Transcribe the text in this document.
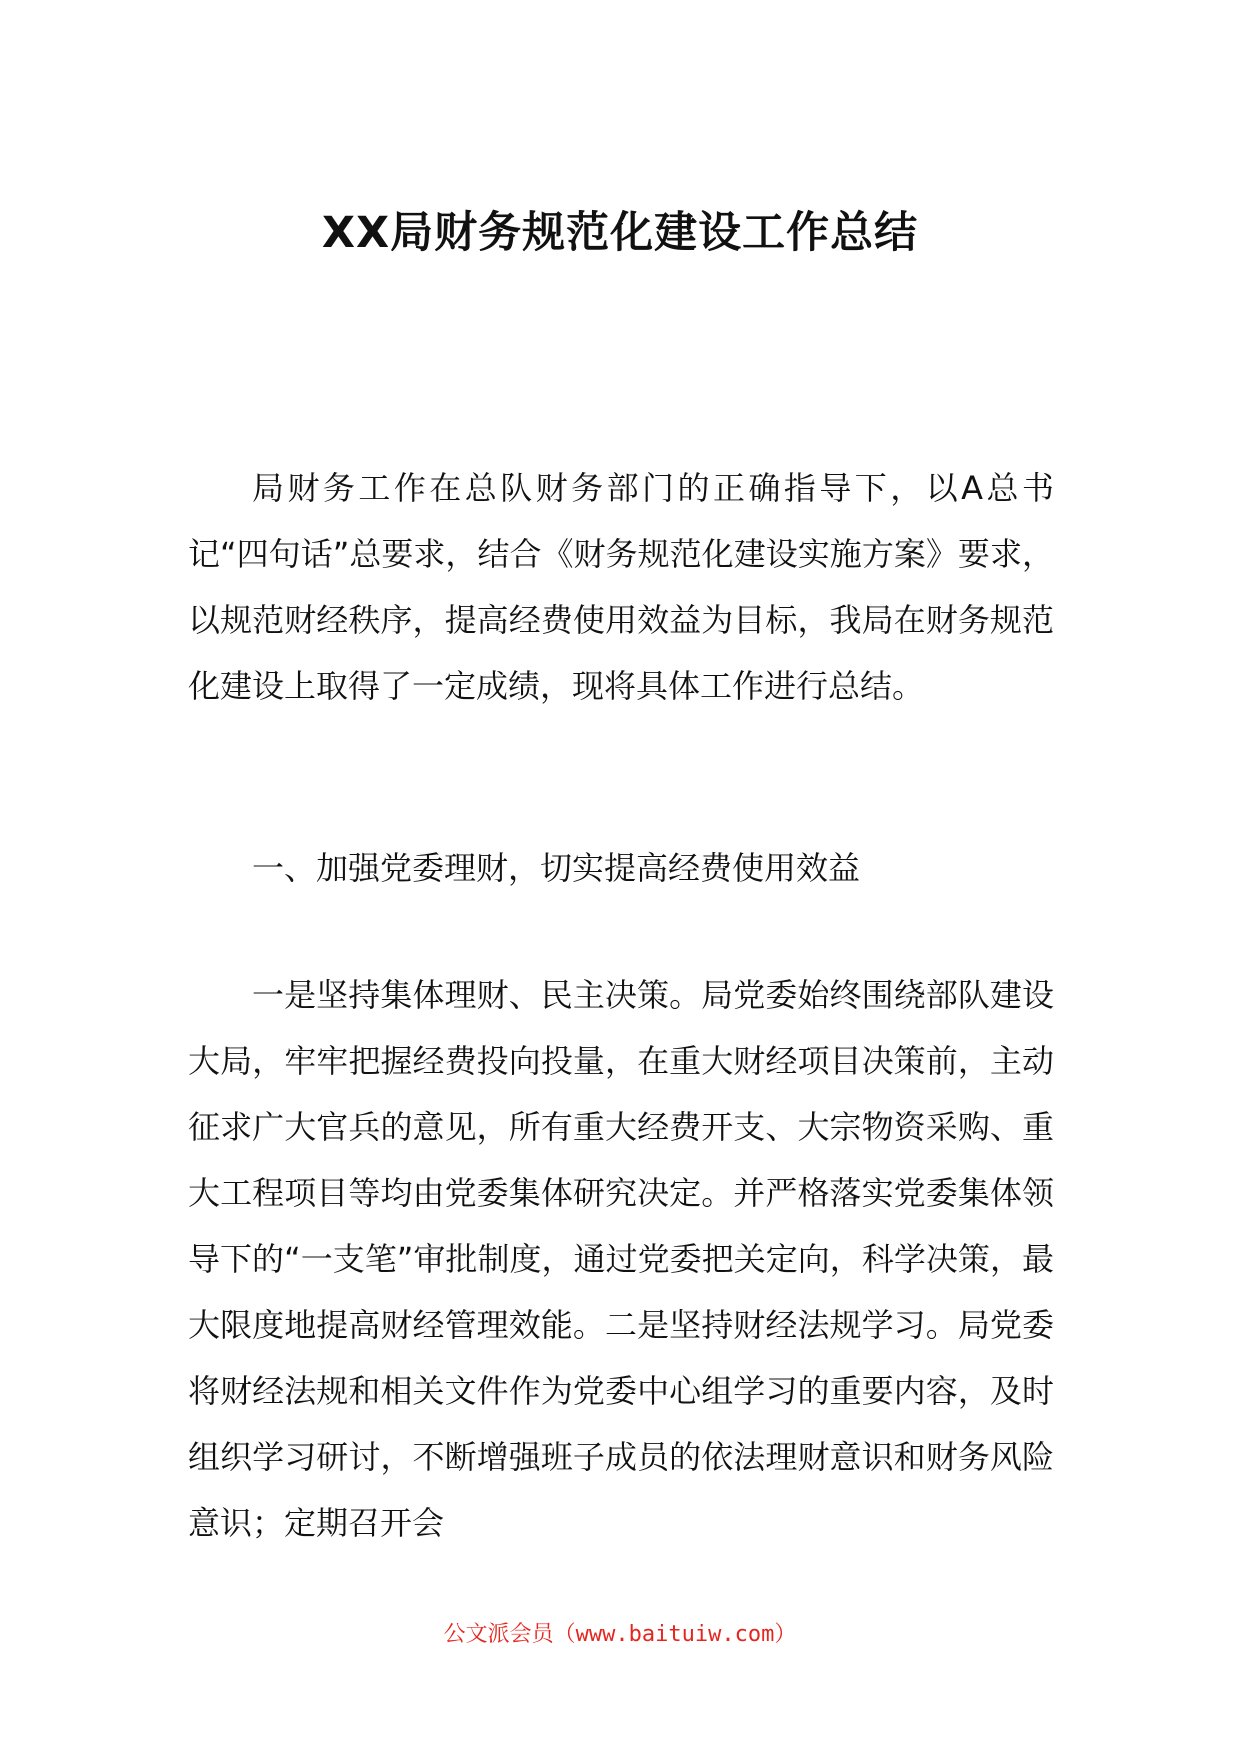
XX局财务规范化建设工作总结
局财务工作在总队财务部门的正确指导下，以A总书记“四句话”总要求，结合《财务规范化建设实施方案》要求，以规范财经秩序，提高经费使用效益为目标，我局在财务规范化建设上取得了一定成绩，现将具体工作进行总结。
一、加强党委理财，切实提高经费使用效益
一是坚持集体理财、民主决策。局党委始终围绕部队建设大局，牢牢把握经费投向投量，在重大财经项目决策前，主动征求广大官兵的意见，所有重大经费开支、大宗物资采购、重大工程项目等均由党委集体研究决定。并严格落实党委集体领导下的“一支笔”审批制度，通过党委把关定向，科学决策，最大限度地提高财经管理效能。二是坚持财经法规学习。局党委将财经法规和相关文件作为党委中心组学习的重要内容，及时组织学习研讨，不断增强班子成员的依法理财意识和财务风险意识；定期召开会
公文派会员（www.baituiw.com）
